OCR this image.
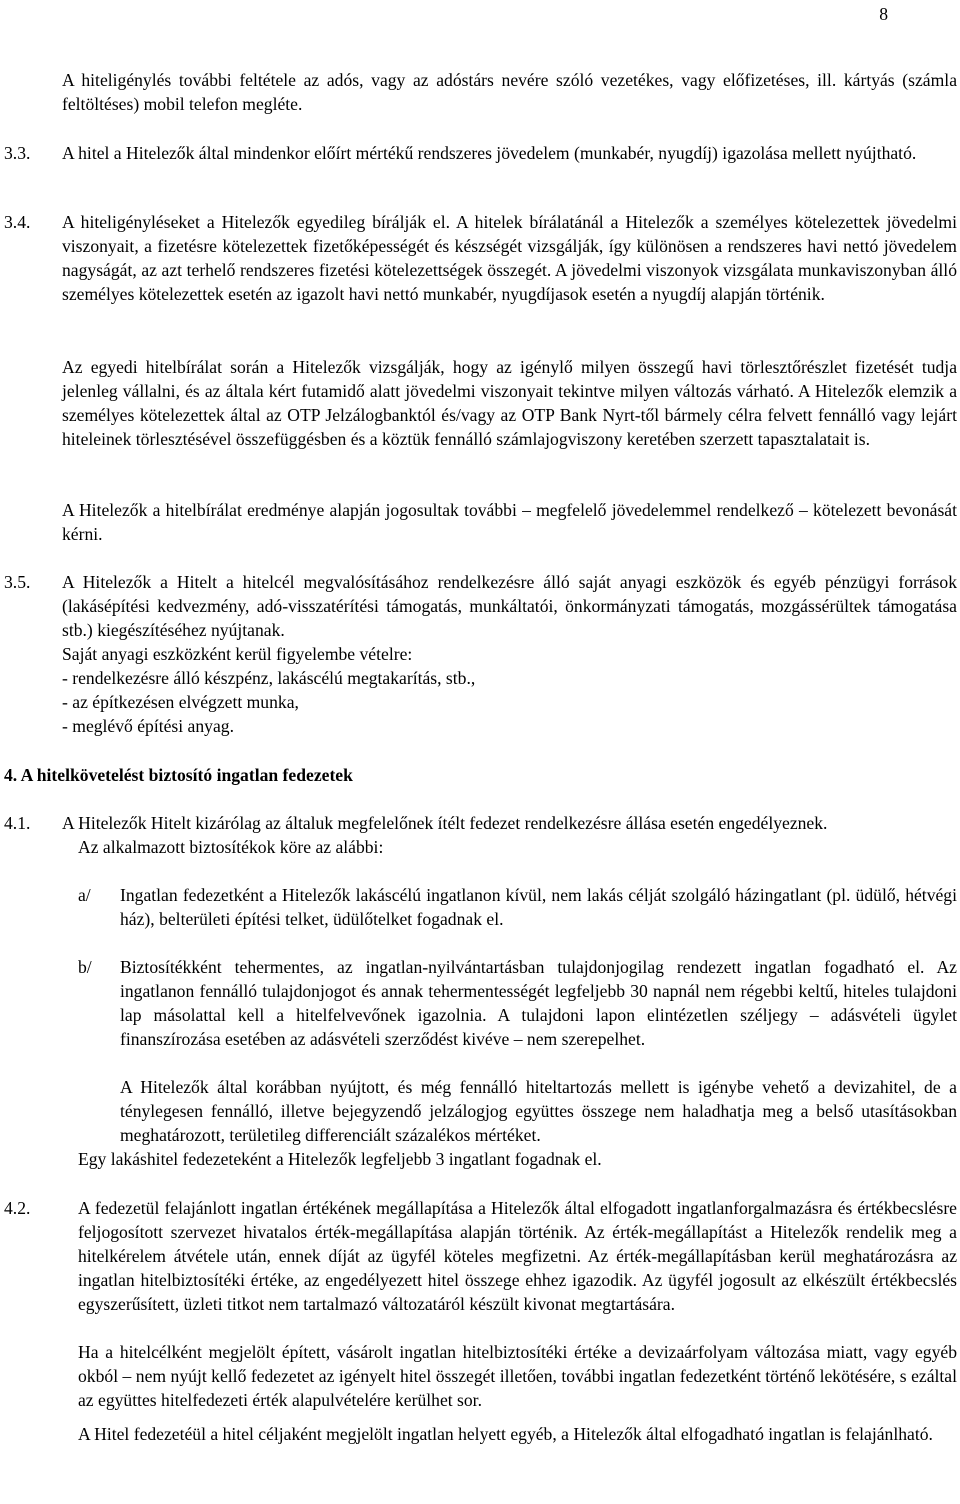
8

A hiteligénylés további feltétele az adós, vagy az adóstárs nevére szóló vezetékes, vagy előfizetéses, ill. kártyás (számla feltöltéses) mobil telefon megléte.

3.3. A hitel a Hitelezők által mindenkor előírt mértékű rendszeres jövedelem (munkabér, nyugdíj) igazolása mellett nyújtható.

3.4. A hiteligényléseket a Hitelezők egyedileg bírálják el. A hitelek bírálatánál a Hitelezők a személyes kötelezettek jövedelmi viszonyait, a fizetésre kötelezettek fizetőképességét és készségét vizsgálják, így különösen a rendszeres havi nettó jövedelem nagyságát, az azt terhelő rendszeres fizetési kötelezettségek összegét. A jövedelmi viszonyok vizsgálata munkaviszonyban álló személyes kötelezettek esetén az igazolt havi nettó munkabér, nyugdíjasok esetén a nyugdíj alapján történik.

Az egyedi hitelbírálat során a Hitelezők vizsgálják, hogy az igénylő milyen összegű havi törlesztőrészlet fizetését tudja jelenleg vállalni, és az általa kért futamidő alatt jövedelmi viszonyait tekintve milyen változás várható. A Hitelezők elemzik a személyes kötelezettek által az OTP Jelzálogbanktól és/vagy az OTP Bank Nyrt-től bármely célra felvett fennálló vagy lejárt hiteleinek törlesztésével összefüggésben és a köztük fennálló számlajogviszony keretében szerzett tapasztalatait is.

A Hitelezők a hitelbírálat eredménye alapján jogosultak további – megfelelő jövedelemmel rendelkező – kötelezett bevonását kérni.

3.5. A Hitelezők a Hitelt a hitelcél megvalósításához rendelkezésre álló saját anyagi eszközök és egyéb pénzügyi források (lakásépítési kedvezmény, adó-visszatérítési támogatás, munkáltatói, önkormányzati támogatás, mozgássérültek támogatása stb.) kiegészítéséhez nyújtanak.

Saját anyagi eszközként kerül figyelembe vételre:
- rendelkezésre álló készpénz, lakáscélú megtakarítás, stb.,
- az építkezésen elvégzett munka,
- meglévő építési anyag.

4. A hitelkövetelést biztosító ingatlan fedezetek

4.1.	A Hitelezők Hitelt kizárólag az általuk megfelelőnek ítélt fedezet rendelkezésre állása esetén engedélyeznek.

Az alkalmazott biztosítékok köre az alábbi:

a/ Ingatlan fedezetként a Hitelezők lakáscélú ingatlanon kívül, nem lakás célját szolgáló házingatlant (pl. üdülő, hétvégi ház), belterületi építési telket, üdülőtelket fogadnak el.

b/ Biztosítékként tehermentes, az ingatlan-nyilvántartásban tulajdonjogilag rendezett ingatlan fogadható el. Az ingatlanon fennálló tulajdonjogot és annak tehermentességét legfeljebb 30 napnál nem régebbi keltű, hiteles tulajdoni lap másolattal kell a hitelfelvevőnek igazolnia. A tulajdoni lapon elintézetlen széljegy – adásvételi ügylet finanszírozása esetében az adásvételi szerződést kivéve – nem szerepelhet.

A Hitelezők által korábban nyújtott, és még fennálló hiteltartozás mellett is igénybe vehető a devizahitel, de a ténylegesen fennálló, illetve bejegyzendő jelzálogjog együttes összege nem haladhatja meg a belső utasításokban meghatározott, területileg differenciált százalékos mértéket.

Egy lakáshitel fedezeteként a Hitelezők legfeljebb 3 ingatlant fogadnak el.

4.2.	A fedezetül felajánlott ingatlan értékének megállapítása a Hitelezők által elfogadott ingatlanforgalmazásra és értékbecslésre feljogosított szervezet hivatalos érték-megállapítása alapján történik. Az érték-megállapítást a Hitelezők rendelik meg a hitelkérelem átvétele után, ennek díját az ügyfél köteles megfizetni. Az érték-megállapításban kerül meghatározásra az ingatlan hitelbiztosítéki értéke, az engedélyezett hitel összege ehhez igazodik. Az ügyfél jogosult az elkészült értékbecslés egyszerűsített, üzleti titkot nem tartalmazó változatáról készült kivonat megtartására.

Ha a hitelcélként megjelölt épített, vásárolt ingatlan hitelbiztosítéki értéke a devizaárfolyam változása miatt, vagy egyéb okból – nem nyújt kellő fedezetet az igényelt hitel összegét illetően, további ingatlan fedezetként történő lekötésére, s ezáltal az együttes hitelfedezeti érték alapulvételére kerülhet sor.

A Hitel fedezetéül a hitel céljaként megjelölt ingatlan helyett egyéb, a Hitelezők által elfogadható ingatlan is felajánlható.
